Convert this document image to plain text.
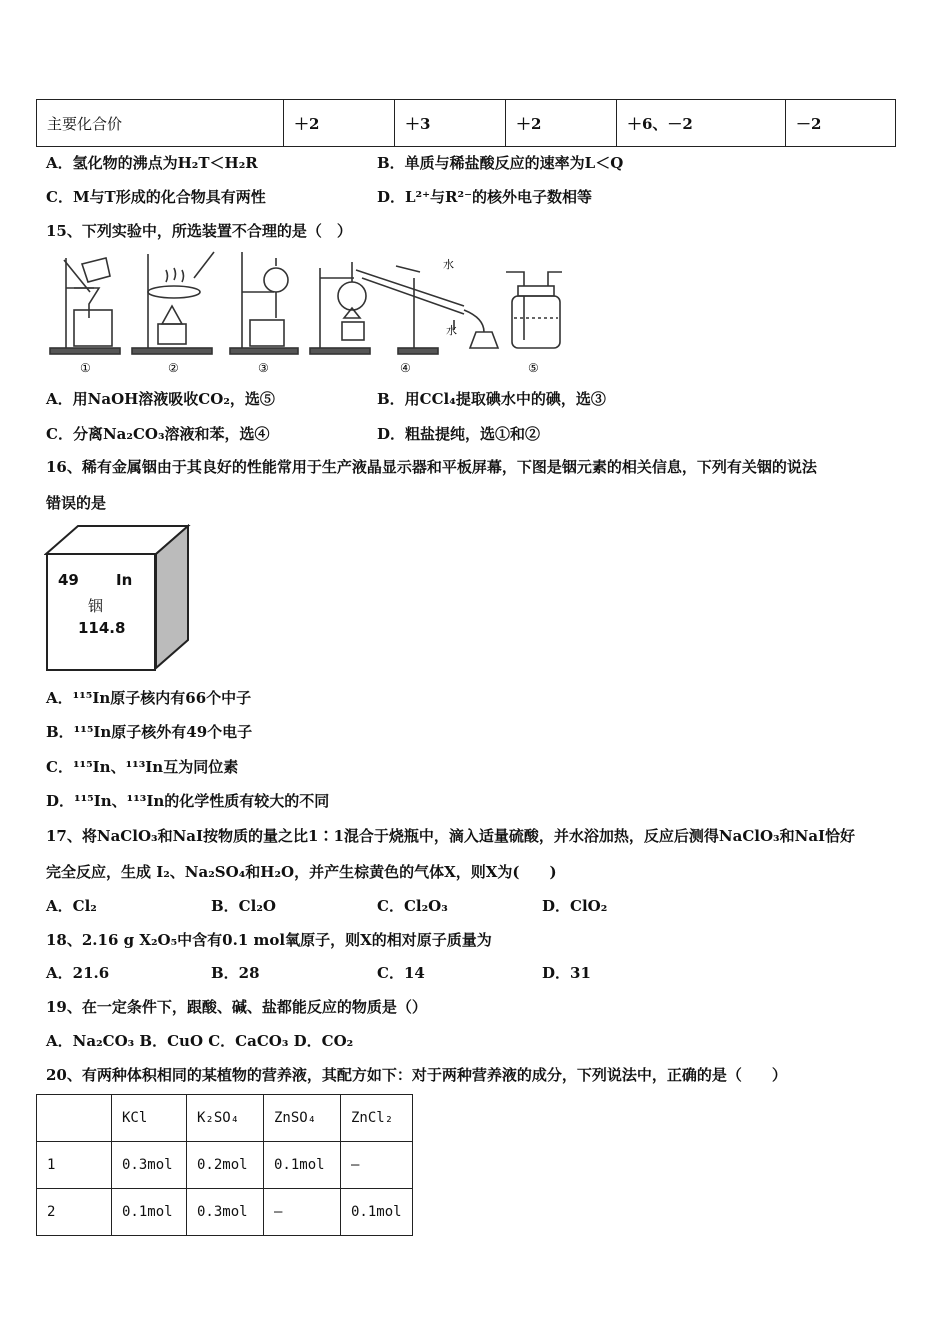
主要化合价	＋2	＋3	＋2	＋6、－2	－2
A．氢化物的沸点为H₂T＜H₂R	B．单质与稀盐酸反应的速率为L＜Q
C．M与T形成的化合物具有两性	D．L²⁺与R²⁻的核外电子数相等
15、下列实验中，所选装置不合理的是（　）
水
水
①	②	③	④	⑤
A．用NaOH溶液吸收CO₂，选⑤	B．用CCl₄提取碘水中的碘，选③
C．分离Na₂CO₃溶液和苯，选④	D．粗盐提纯，选①和②
16、稀有金属铟由于其良好的性能常用于生产液晶显示器和平板屏幕，下图是铟元素的相关信息，下列有关铟的说法
错误的是
49 In
铟
114.8
A．¹¹⁵In原子核内有66个中子
B．¹¹⁵In原子核外有49个电子
C．¹¹⁵In、¹¹³In互为同位素
D．¹¹⁵In、¹¹³In的化学性质有较大的不同
17、将NaClO₃和NaI按物质的量之比1∶1混合于烧瓶中，滴入适量硫酸，并水浴加热，反应后测得NaClO₃和NaI恰好
完全反应，生成 I₂、Na₂SO₄和H₂O，并产生棕黄色的气体X，则X为(　　)
A．Cl₂	B．Cl₂O	C．Cl₂O₃	D．ClO₂
18、2.16 g X₂O₅中含有0.1 mol氧原子，则X的相对原子质量为
A．21.6	B．28	C．14	D．31
19、在一定条件下，跟酸、碱、盐都能反应的物质是（）
A．Na₂CO₃ B．CuO C．CaCO₃ D．CO₂
20、有两种体积相同的某植物的营养液，其配方如下：对于两种营养液的成分，下列说法中，正确的是（　　）
	KCl	K₂SO₄	ZnSO₄	ZnCl₂
1	0.3mol	0.2mol	0.1mol	—
2	0.1mol	0.3mol	—	0.1mol
